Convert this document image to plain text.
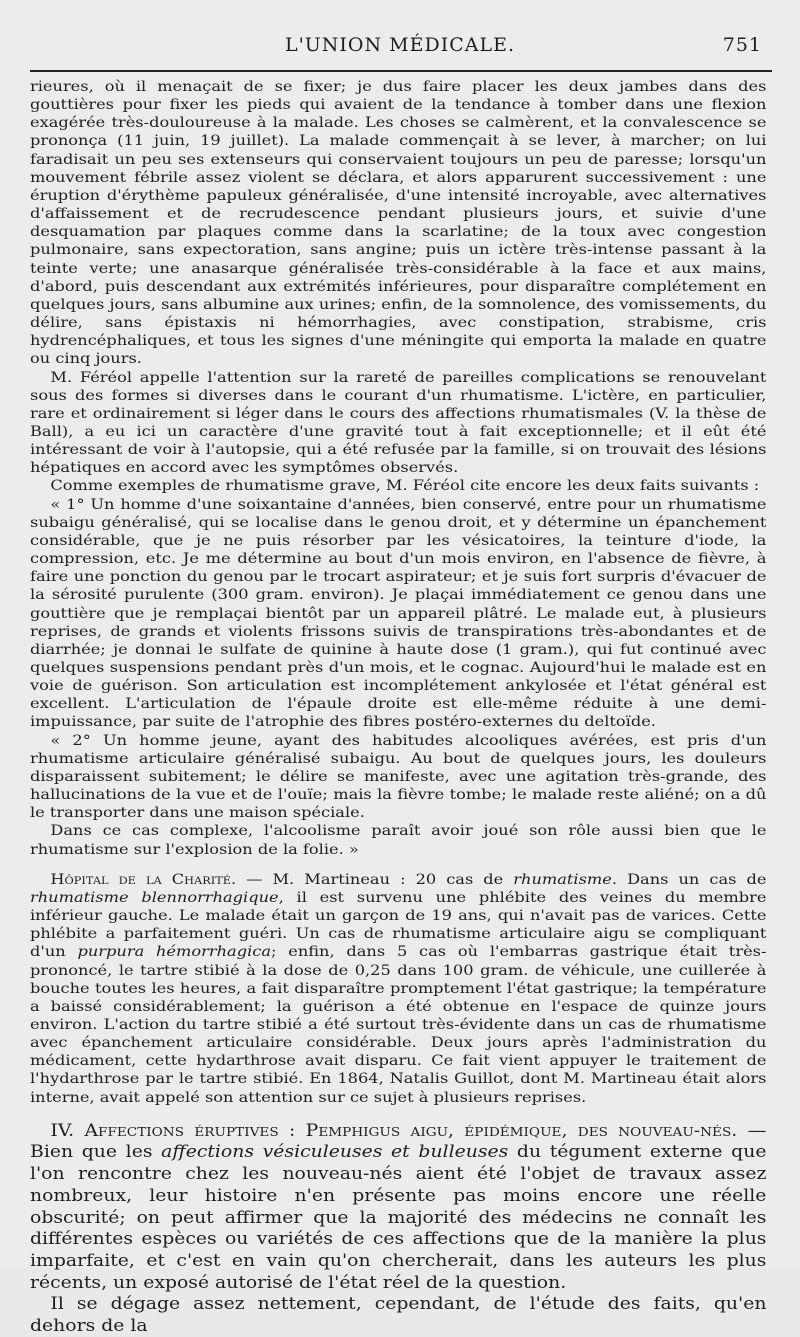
L'UNION MÉDICALE.	751

rieures, où il menaçait de se fixer; je dus faire placer les deux jambes dans des gouttières pour fixer les pieds qui avaient de la tendance à tomber dans une flexion exagérée très-douloureuse à la malade. Les choses se calmèrent, et la convalescence se prononça (11 juin, 19 juillet). La malade commençait à se lever, à marcher; on lui faradisait un peu ses extenseurs qui conservaient toujours un peu de paresse; lorsqu'un mouvement fébrile assez violent se déclara, et alors apparurent successivement : une éruption d'érythème papuleux généralisée, d'une intensité incroyable, avec alternatives d'affaissement et de recrudescence pendant plusieurs jours, et suivie d'une desquamation par plaques comme dans la scarlatine; de la toux avec congestion pulmonaire, sans expectoration, sans angine; puis un ictère très-intense passant à la teinte verte; une anasarque généralisée très-considérable à la face et aux mains, d'abord, puis descendant aux extrémités inférieures, pour disparaître complétement en quelques jours, sans albumine aux urines; enfin, de la somnolence, des vomissements, du délire, sans épistaxis ni hémorrhagies, avec constipation, strabisme, cris hydrencéphaliques, et tous les signes d'une méningite qui emporta la malade en quatre ou cinq jours.

M. Féréol appelle l'attention sur la rareté de pareilles complications se renouvelant sous des formes si diverses dans le courant d'un rhumatisme. L'ictère, en particulier, rare et ordinairement si léger dans le cours des affections rhumatismales (V. la thèse de Ball), a eu ici un caractère d'une gravité tout à fait exceptionnelle; et il eût été intéressant de voir à l'autopsie, qui a été refusée par la famille, si on trouvait des lésions hépatiques en accord avec les symptômes observés.

Comme exemples de rhumatisme grave, M. Féréol cite encore les deux faits suivants :

« 1° Un homme d'une soixantaine d'années, bien conservé, entre pour un rhumatisme subaigu généralisé, qui se localise dans le genou droit, et y détermine un épanchement considérable, que je ne puis résorber par les vésicatoires, la teinture d'iode, la compression, etc. Je me détermine au bout d'un mois environ, en l'absence de fièvre, à faire une ponction du genou par le trocart aspirateur; et je suis fort surpris d'évacuer de la sérosité purulente (300 gram. environ). Je plaçai immédiatement ce genou dans une gouttière que je remplaçai bientôt par un appareil plâtré. Le malade eut, à plusieurs reprises, de grands et violents frissons suivis de transpirations très-abondantes et de diarrhée; je donnai le sulfate de quinine à haute dose (1 gram.), qui fut continué avec quelques suspensions pendant près d'un mois, et le cognac. Aujourd'hui le malade est en voie de guérison. Son articulation est incomplétement ankylosée et l'état général est excellent. L'articulation de l'épaule droite est elle-même réduite à une demi-impuissance, par suite de l'atrophie des fibres postéro-externes du deltoïde.

« 2° Un homme jeune, ayant des habitudes alcooliques avérées, est pris d'un rhumatisme articulaire généralisé subaigu. Au bout de quelques jours, les douleurs disparaissent subitement; le délire se manifeste, avec une agitation très-grande, des hallucinations de la vue et de l'ouïe; mais la fièvre tombe; le malade reste aliéné; on a dû le transporter dans une maison spéciale.

Dans ce cas complexe, l'alcoolisme paraît avoir joué son rôle aussi bien que le rhumatisme sur l'explosion de la folie. »

Hôpital de la Charité. — M. Martineau : 20 cas de rhumatisme. Dans un cas de rhumatisme blennorrhagique, il est survenu une phlébite des veines du membre inférieur gauche. Le malade était un garçon de 19 ans, qui n'avait pas de varices. Cette phlébite a parfaitement guéri. Un cas de rhumatisme articulaire aigu se compliquant d'un purpura hémorrhagica; enfin, dans 5 cas où l'embarras gastrique était très-prononcé, le tartre stibié à la dose de 0,25 dans 100 gram. de véhicule, une cuillerée à bouche toutes les heures, a fait disparaître promptement l'état gastrique; la température a baissé considérablement; la guérison a été obtenue en l'espace de quinze jours environ. L'action du tartre stibié a été surtout très-évidente dans un cas de rhumatisme avec épanchement articulaire considérable. Deux jours après l'administration du médicament, cette hydarthrose avait disparu. Ce fait vient appuyer le traitement de l'hydarthrose par le tartre stibié. En 1864, Natalis Guillot, dont M. Martineau était alors interne, avait appelé son attention sur ce sujet à plusieurs reprises.

IV. Affections éruptives : Pemphigus aigu, épidémique, des nouveau-nés. — Bien que les affections vésiculeuses et bulleuses du tégument externe que l'on rencontre chez les nouveau-nés aient été l'objet de travaux assez nombreux, leur histoire n'en présente pas moins encore une réelle obscurité; on peut affirmer que la majorité des médecins ne connaît les différentes espèces ou variétés de ces affections que de la manière la plus imparfaite, et c'est en vain qu'on chercherait, dans les auteurs les plus récents, un exposé autorisé de l'état réel de la question.

Il se dégage assez nettement, cependant, de l'étude des faits, qu'en dehors de la
